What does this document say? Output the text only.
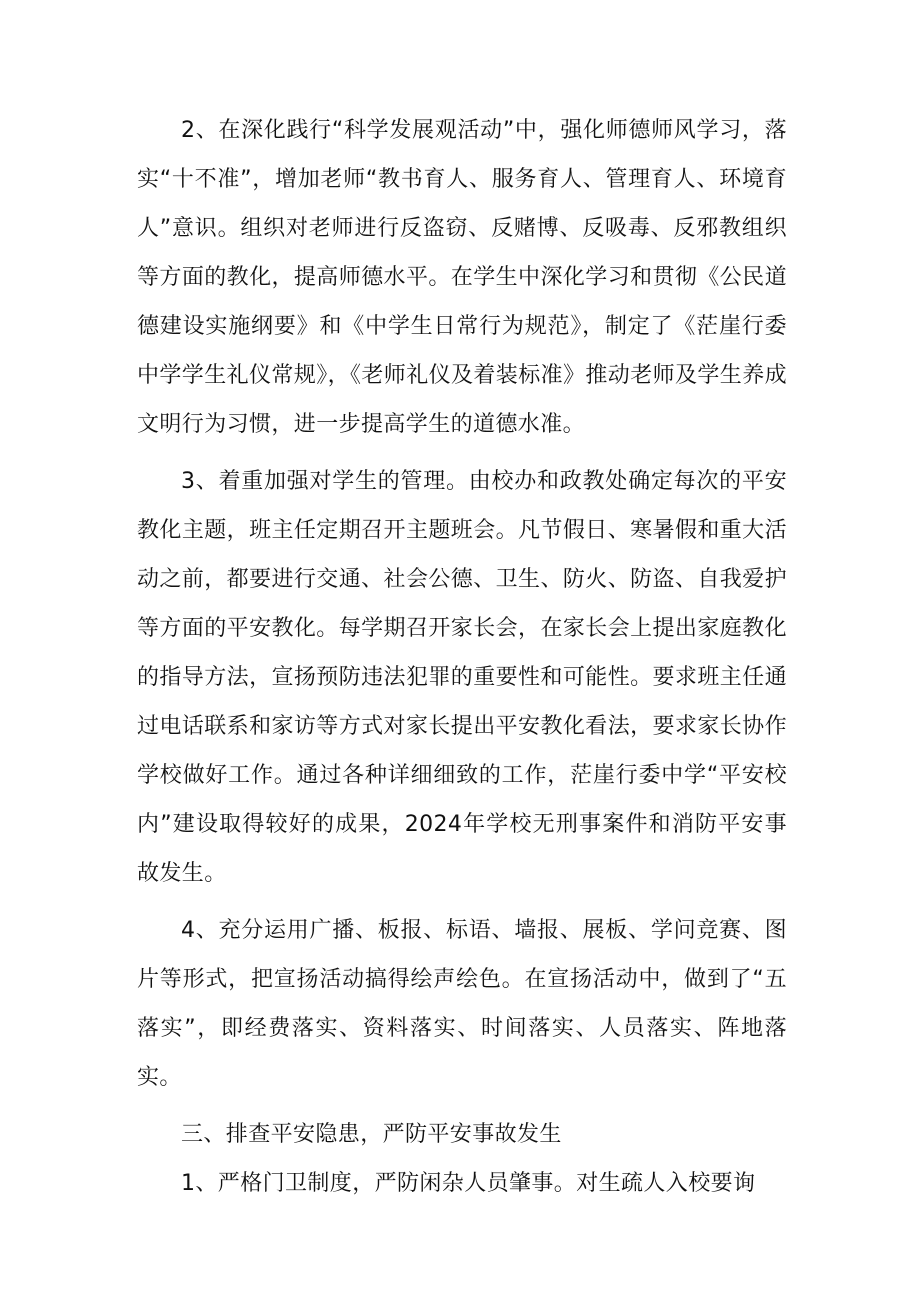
2、在深化践行“科学发展观活动”中，强化师德师风学习，落实“十不准”，增加老师“教书育人、服务育人、管理育人、环境育人”意识。组织对老师进行反盗窃、反赌博、反吸毒、反邪教组织等方面的教化，提高师德水平。在学生中深化学习和贯彻《公民道德建设实施纲要》和《中学生日常行为规范》，制定了《茫崖行委中学学生礼仪常规》，《老师礼仪及着装标准》推动老师及学生养成文明行为习惯，进一步提高学生的道德水准。

3、着重加强对学生的管理。由校办和政教处确定每次的平安教化主题，班主任定期召开主题班会。凡节假日、寒暑假和重大活动之前，都要进行交通、社会公德、卫生、防火、防盗、自我爱护等方面的平安教化。每学期召开家长会，在家长会上提出家庭教化的指导方法，宣扬预防违法犯罪的重要性和可能性。要求班主任通过电话联系和家访等方式对家长提出平安教化看法，要求家长协作学校做好工作。通过各种详细细致的工作，茫崖行委中学“平安校内”建设取得较好的成果，2024年学校无刑事案件和消防平安事故发生。

4、充分运用广播、板报、标语、墙报、展板、学问竞赛、图片等形式，把宣扬活动搞得绘声绘色。在宣扬活动中，做到了“五落实”，即经费落实、资料落实、时间落实、人员落实、阵地落实。

三、排查平安隐患，严防平安事故发生

1、严格门卫制度，严防闲杂人员肇事。对生疏人入校要询
